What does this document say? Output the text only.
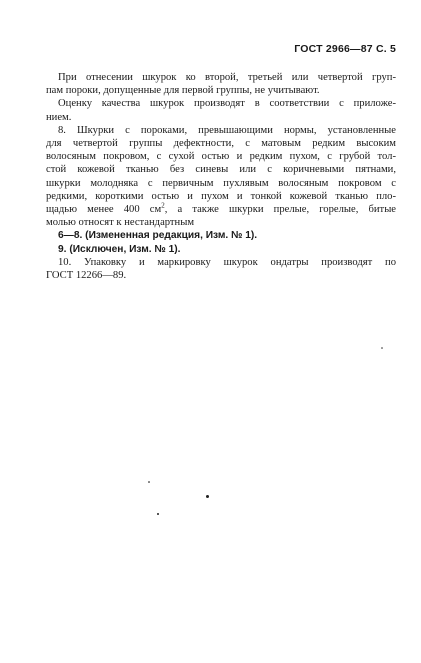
ГОСТ 2966—87 С. 5
При отнесении шкурок ко второй, третьей или четвертой груп-
пам пороки, допущенные для первой группы, не учитывают.
Оценку качества шкурок производят в соответствии с приложе-
нием.
8. Шкурки с пороками, превышающими нормы, установленные
для четвертой группы дефектности, с матовым редким высоким
волосяным покровом, с сухой остью и редким пухом, с грубой тол-
стой кожевой тканью без синевы или с коричневыми пятнами,
шкурки молодняка с первичным пухлявым волосяным покровом с
редкими, короткими остью и пухом и тонкой кожевой тканью пло-
щадью менее 400 $см^2$, а также шкурки прелые, горелые, битые
молью относят к нестандартным
6—8. (Измененная редакция, Изм. № 1).
9. (Исключен, Изм. № 1).
10. Упаковку и маркировку шкурок ондатры производят по
ГОСТ 12266—89.
